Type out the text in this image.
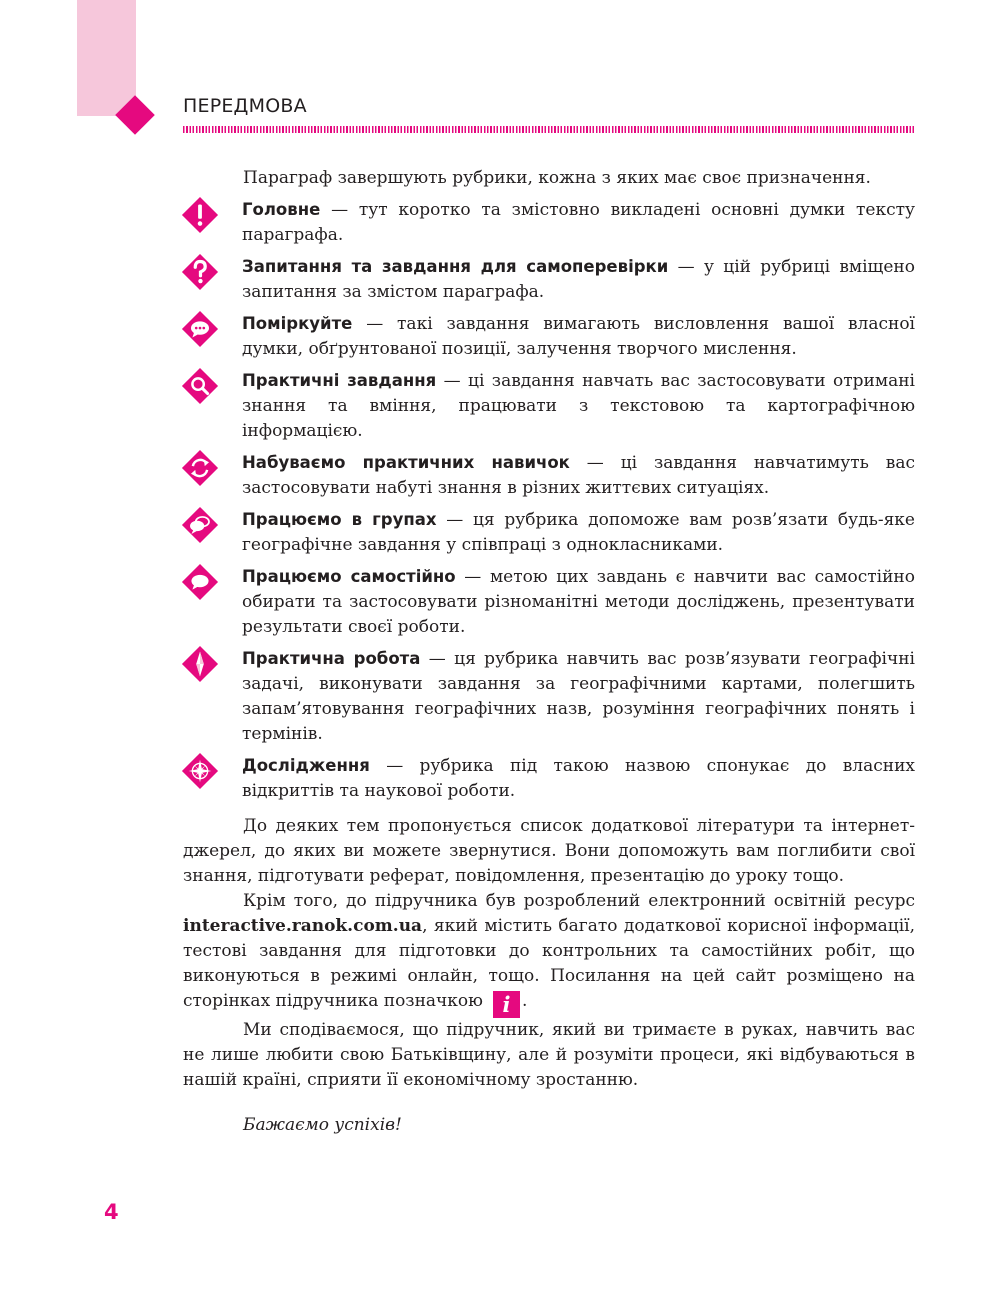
ПЕРЕДМОВА

Параграф завершують рубрики, кожна з яких має своє призначення.

Головне — тут коротко та змістовно викладені основні думки тексту параграфа.

Запитання та завдання для самоперевірки — у цій рубриці вміщено запитання за змістом параграфа.

Поміркуйте — такі завдання вимагають висловлення вашої власної думки, обґрунтованої позиції, залучення творчого мислення.

Практичні завдання — ці завдання навчать вас застосовувати отримані знання та вміння, працювати з текстовою та картографічною інформацією.

Набуваємо практичних навичок — ці завдання навчатимуть вас застосовувати набуті знання в різних життєвих ситуаціях.

Працюємо в групах — ця рубрика допоможе вам розв’язати будь-яке географічне завдання у співпраці з однокласниками.

Працюємо самостійно — метою цих завдань є навчити вас самостійно обирати та застосовувати різноманітні методи досліджень, презентувати результати своєї роботи.

Практична робота — ця рубрика навчить вас розв’язувати географічні задачі, виконувати завдання за географічними картами, полегшить запам’ятовування географічних назв, розуміння географічних понять і термінів.

Дослідження — рубрика під такою назвою спонукає до власних відкриттів та наукової роботи.

До деяких тем пропонується список додаткової літератури та інтернет-джерел, до яких ви можете звернутися. Вони допоможуть вам поглибити свої знання, підготувати реферат, повідомлення, презентацію до уроку тощо.

Крім того, до підручника був розроблений електронний освітній ресурс interactive.ranok.com.ua, який містить багато додаткової корисної інформації, тестові завдання для підготовки до контрольних та самостійних робіт, що виконуються в режимі онлайн, тощо. Посилання на цей сайт розміщено на сторінках підручника позначкою i .

Ми сподіваємося, що підручник, який ви тримаєте в руках, навчить вас не лише любити свою Батьківщину, але й розуміти процеси, які відбуваються в нашій країні, сприяти її економічному зростанню.

Бажаємо успіхів!

4
